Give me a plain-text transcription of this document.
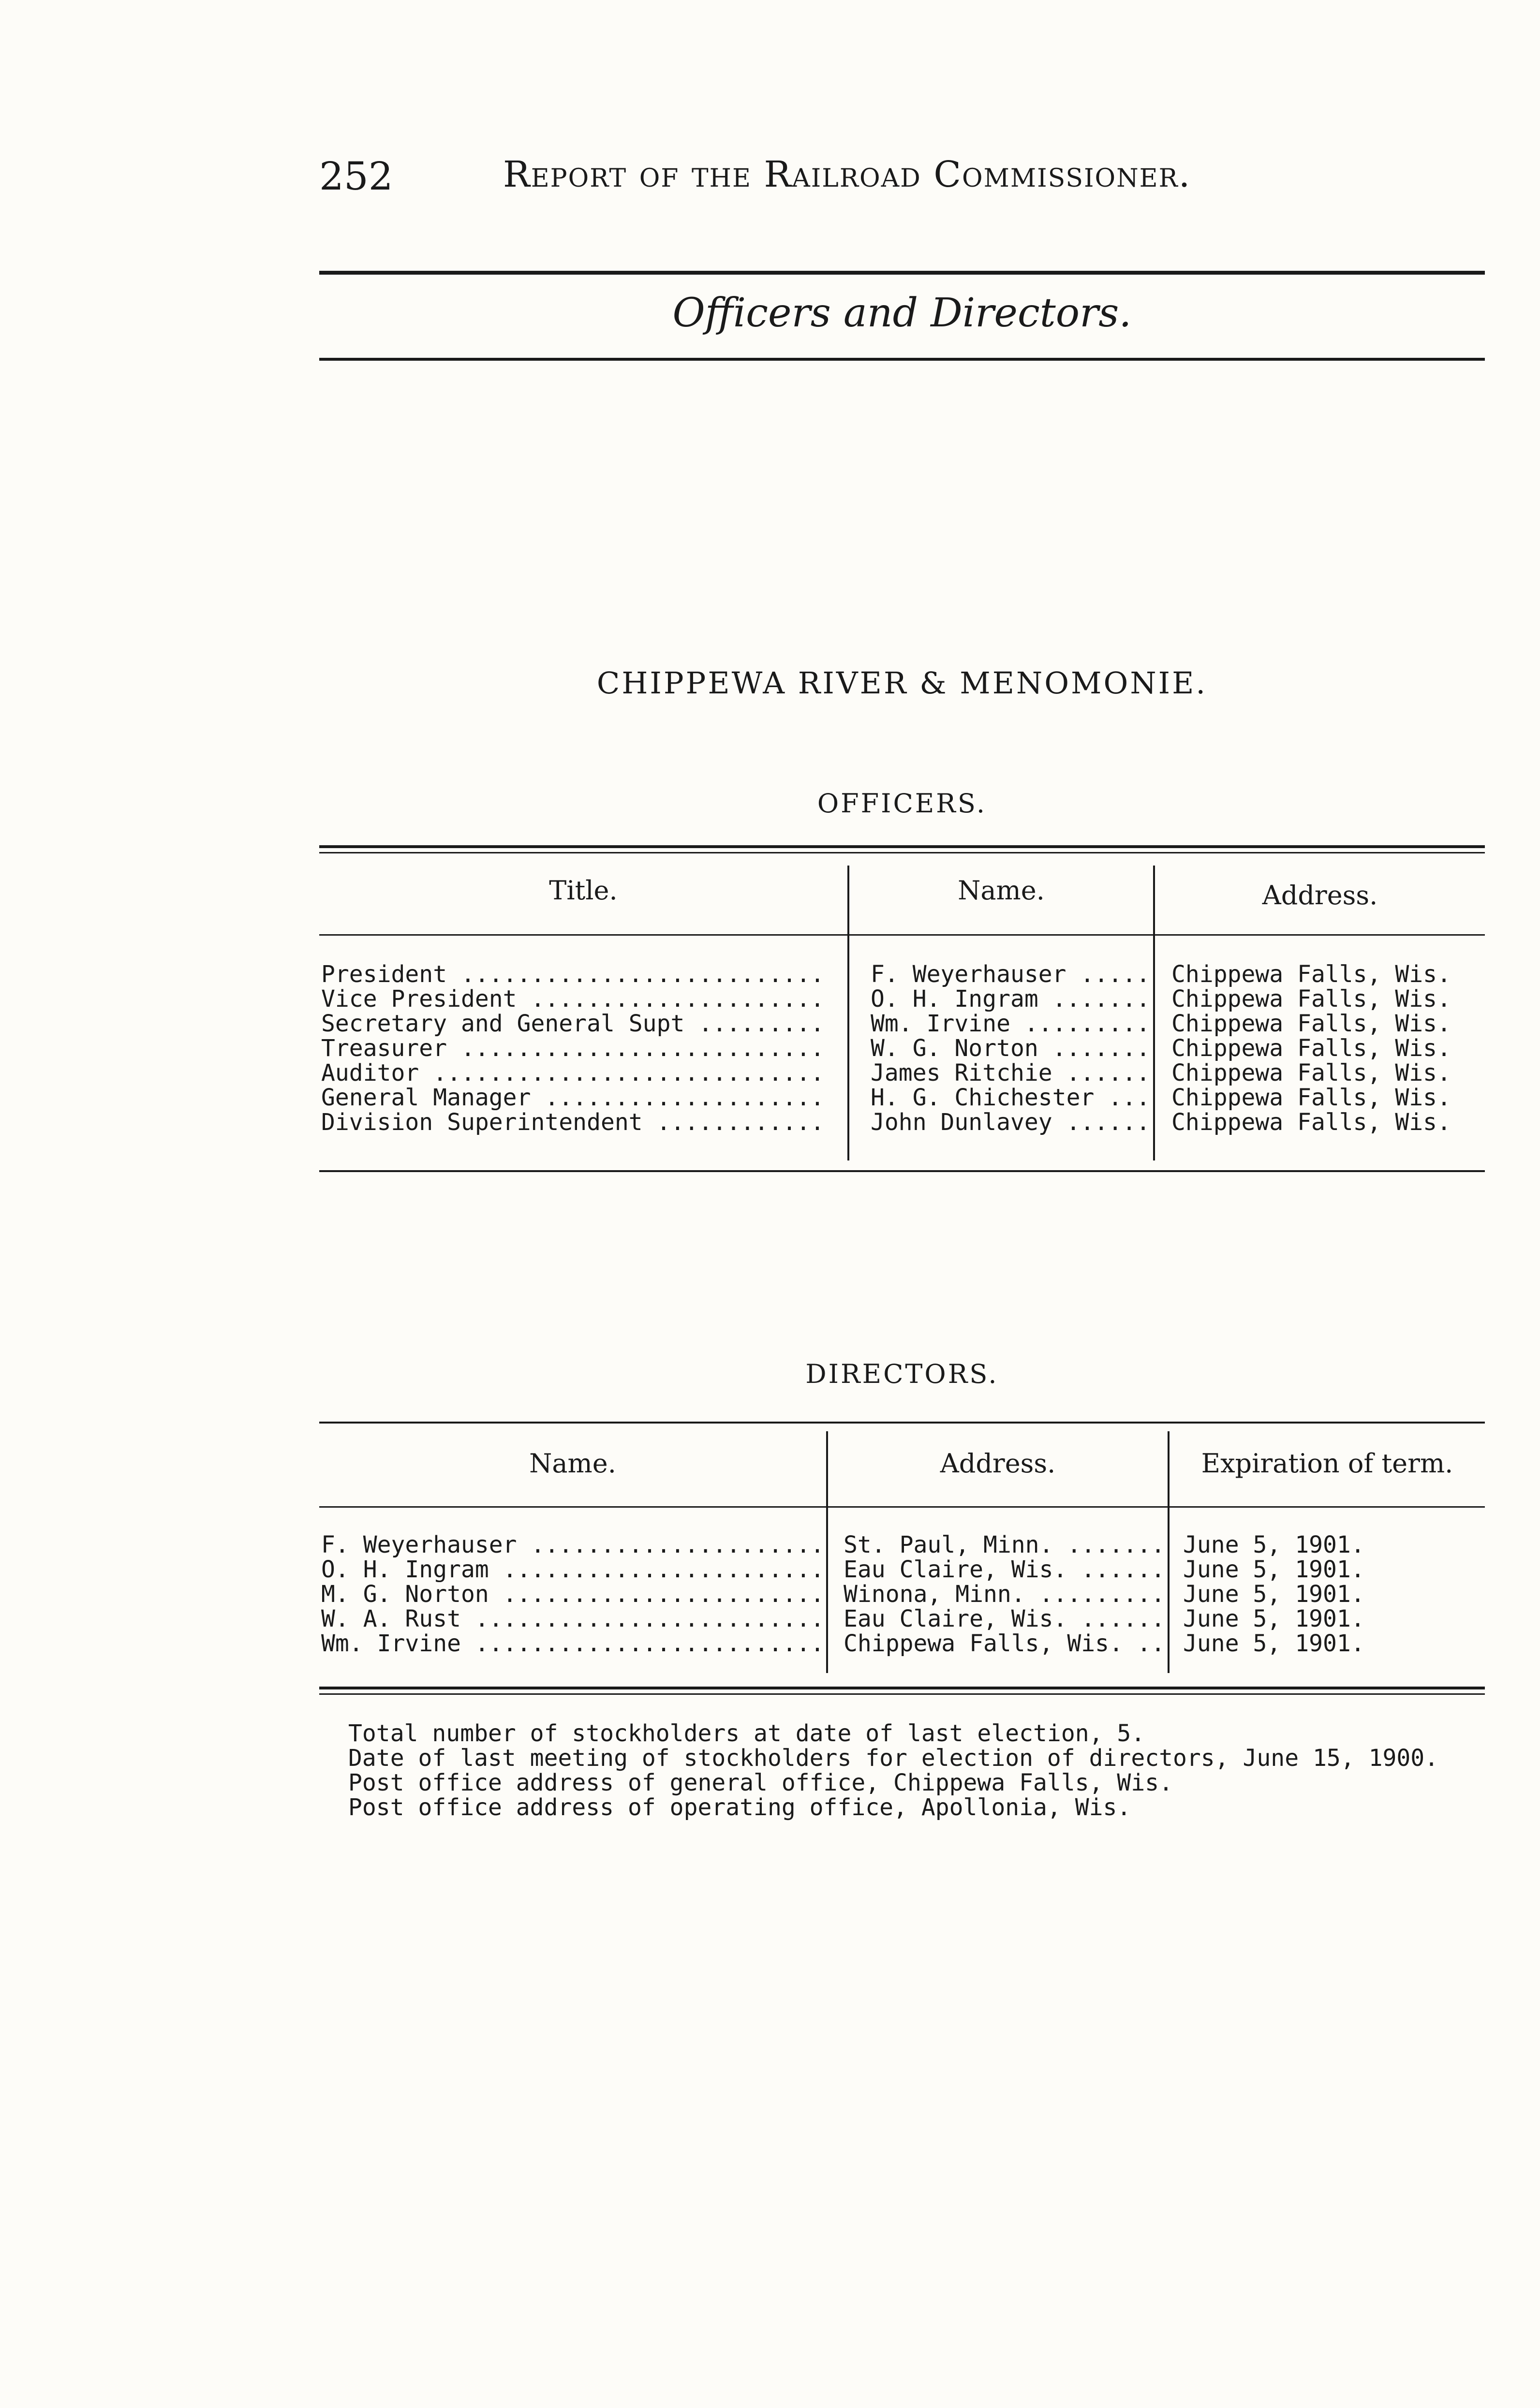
252	Report of the Railroad Commissioner.
Officers and Directors.
CHIPPEWA RIVER & MENOMONIE.
OFFICERS.
Title.	Name.	Address.
President .....	F. Weyerhauser .....	Chippewa Falls, Wis.
Vice President .....	O. H. Ingram .....	Chippewa Falls, Wis.
Secretary and General Supt .....	Wm. Irvine .....	Chippewa Falls, Wis.
Treasurer .....	W. G. Norton .....	Chippewa Falls, Wis.
Auditor .....	James Ritchie .....	Chippewa Falls, Wis.
General Manager .....	H. G. Chichester .....	Chippewa Falls, Wis.
Division Superintendent .....	John Dunlavey .....	Chippewa Falls, Wis.
DIRECTORS.
Name.	Address.	Expiration of term.
F. Weyerhauser .....	St. Paul, Minn. .....	June 5, 1901.
O. H. Ingram .....	Eau Claire, Wis. .....	June 5, 1901.
M. G. Norton .....	Winona, Minn. .....	June 5, 1901.
W. A. Rust .....	Eau Claire, Wis. .....	June 5, 1901.
Wm. Irvine .....	Chippewa Falls, Wis. .....	June 5, 1901.
Total number of stockholders at date of last election, 5.
Date of last meeting of stockholders for election of directors, June 15, 1900.
Post office address of general office, Chippewa Falls, Wis.
Post office address of operating office, Apollonia, Wis.
